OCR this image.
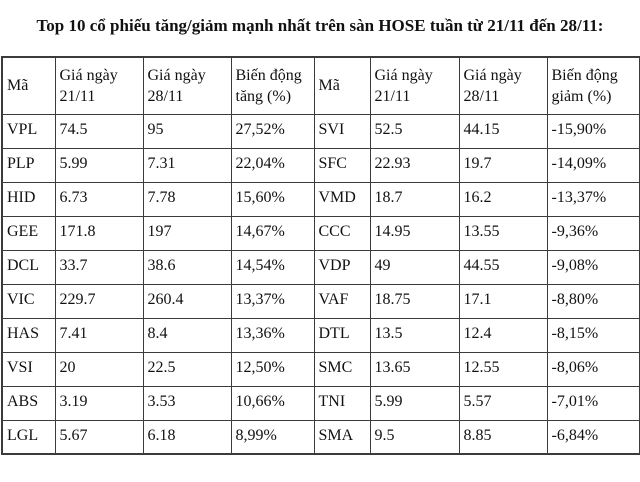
Top 10 cổ phiếu tăng/giảm mạnh nhất trên sàn HOSE tuần từ 21/11 đến 28/11:
Mã	Giá ngày 21/11	Giá ngày 28/11	Biến động tăng (%)	Mã	Giá ngày 21/11	Giá ngày 28/11	Biến động giảm (%)
VPL	74.5	95	27,52%	SVI	52.5	44.15	-15,90%
PLP	5.99	7.31	22,04%	SFC	22.93	19.7	-14,09%
HID	6.73	7.78	15,60%	VMD	18.7	16.2	-13,37%
GEE	171.8	197	14,67%	CCC	14.95	13.55	-9,36%
DCL	33.7	38.6	14,54%	VDP	49	44.55	-9,08%
VIC	229.7	260.4	13,37%	VAF	18.75	17.1	-8,80%
HAS	7.41	8.4	13,36%	DTL	13.5	12.4	-8,15%
VSI	20	22.5	12,50%	SMC	13.65	12.55	-8,06%
ABS	3.19	3.53	10,66%	TNI	5.99	5.57	-7,01%
LGL	5.67	6.18	8,99%	SMA	9.5	8.85	-6,84%
